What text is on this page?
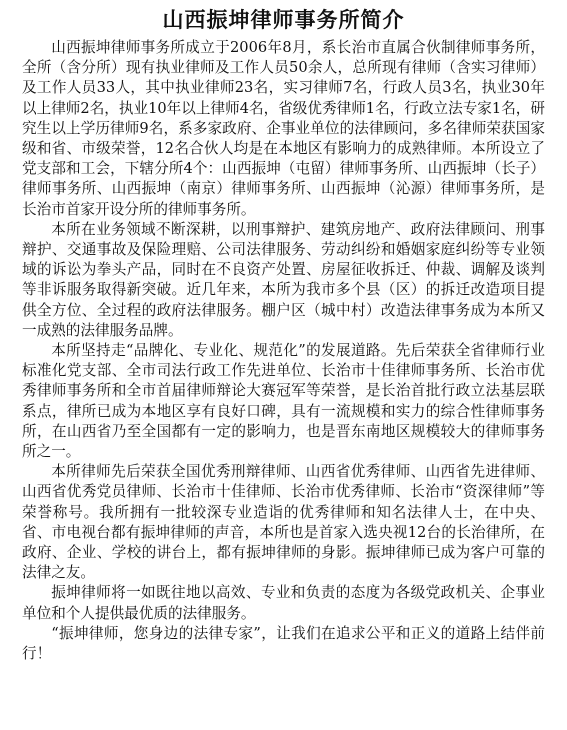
山西振坤律师事务所简介

山西振坤律师事务所成立于2006年8月，系长治市直属合伙制律师事务所，全所（含分所）现有执业律师及工作人员50余人，总所现有律师（含实习律师）及工作人员33人，其中执业律师23名，实习律师7名，行政人员3名，执业30年以上律师2名，执业10年以上律师4名，省级优秀律师1名，行政立法专家1名，研究生以上学历律师9名，系多家政府、企事业单位的法律顾问，多名律师荣获国家级和省、市级荣誉，12名合伙人均是在本地区有影响力的成熟律师。本所设立了党支部和工会，下辖分所4个：山西振坤（屯留）律师事务所、山西振坤（长子）律师事务所、山西振坤（南京）律师事务所、山西振坤（沁源）律师事务所，是长治市首家开设分所的律师事务所。

本所在业务领域不断深耕，以刑事辩护、建筑房地产、政府法律顾问、刑事辩护、交通事故及保险理赔、公司法律服务、劳动纠纷和婚姻家庭纠纷等专业领域的诉讼为拳头产品，同时在不良资产处置、房屋征收拆迁、仲裁、调解及谈判等非诉服务取得新突破。近几年来，本所为我市多个县（区）的拆迁改造项目提供全方位、全过程的政府法律服务。棚户区（城中村）改造法律事务成为本所又一成熟的法律服务品牌。

本所坚持走“品牌化、专业化、规范化”的发展道路。先后荣获全省律师行业标准化党支部、全市司法行政工作先进单位、长治市十佳律师事务所、长治市优秀律师事务所和全市首届律师辩论大赛冠军等荣誉，是长治首批行政立法基层联系点，律所已成为本地区享有良好口碑，具有一流规模和实力的综合性律师事务所，在山西省乃至全国都有一定的影响力，也是晋东南地区规模较大的律师事务所之一。

本所律师先后荣获全国优秀刑辩律师、山西省优秀律师、山西省先进律师、山西省优秀党员律师、长治市十佳律师、长治市优秀律师、长治市“资深律师”等荣誉称号。我所拥有一批较深专业造诣的优秀律师和知名法律人士，在中央、省、市电视台都有振坤律师的声音，本所也是首家入选央视12台的长治律所，在政府、企业、学校的讲台上，都有振坤律师的身影。振坤律师已成为客户可靠的法律之友。

振坤律师将一如既往地以高效、专业和负责的态度为各级党政机关、企事业单位和个人提供最优质的法律服务。

“振坤律师，您身边的法律专家”，让我们在追求公平和正义的道路上结伴前行！
